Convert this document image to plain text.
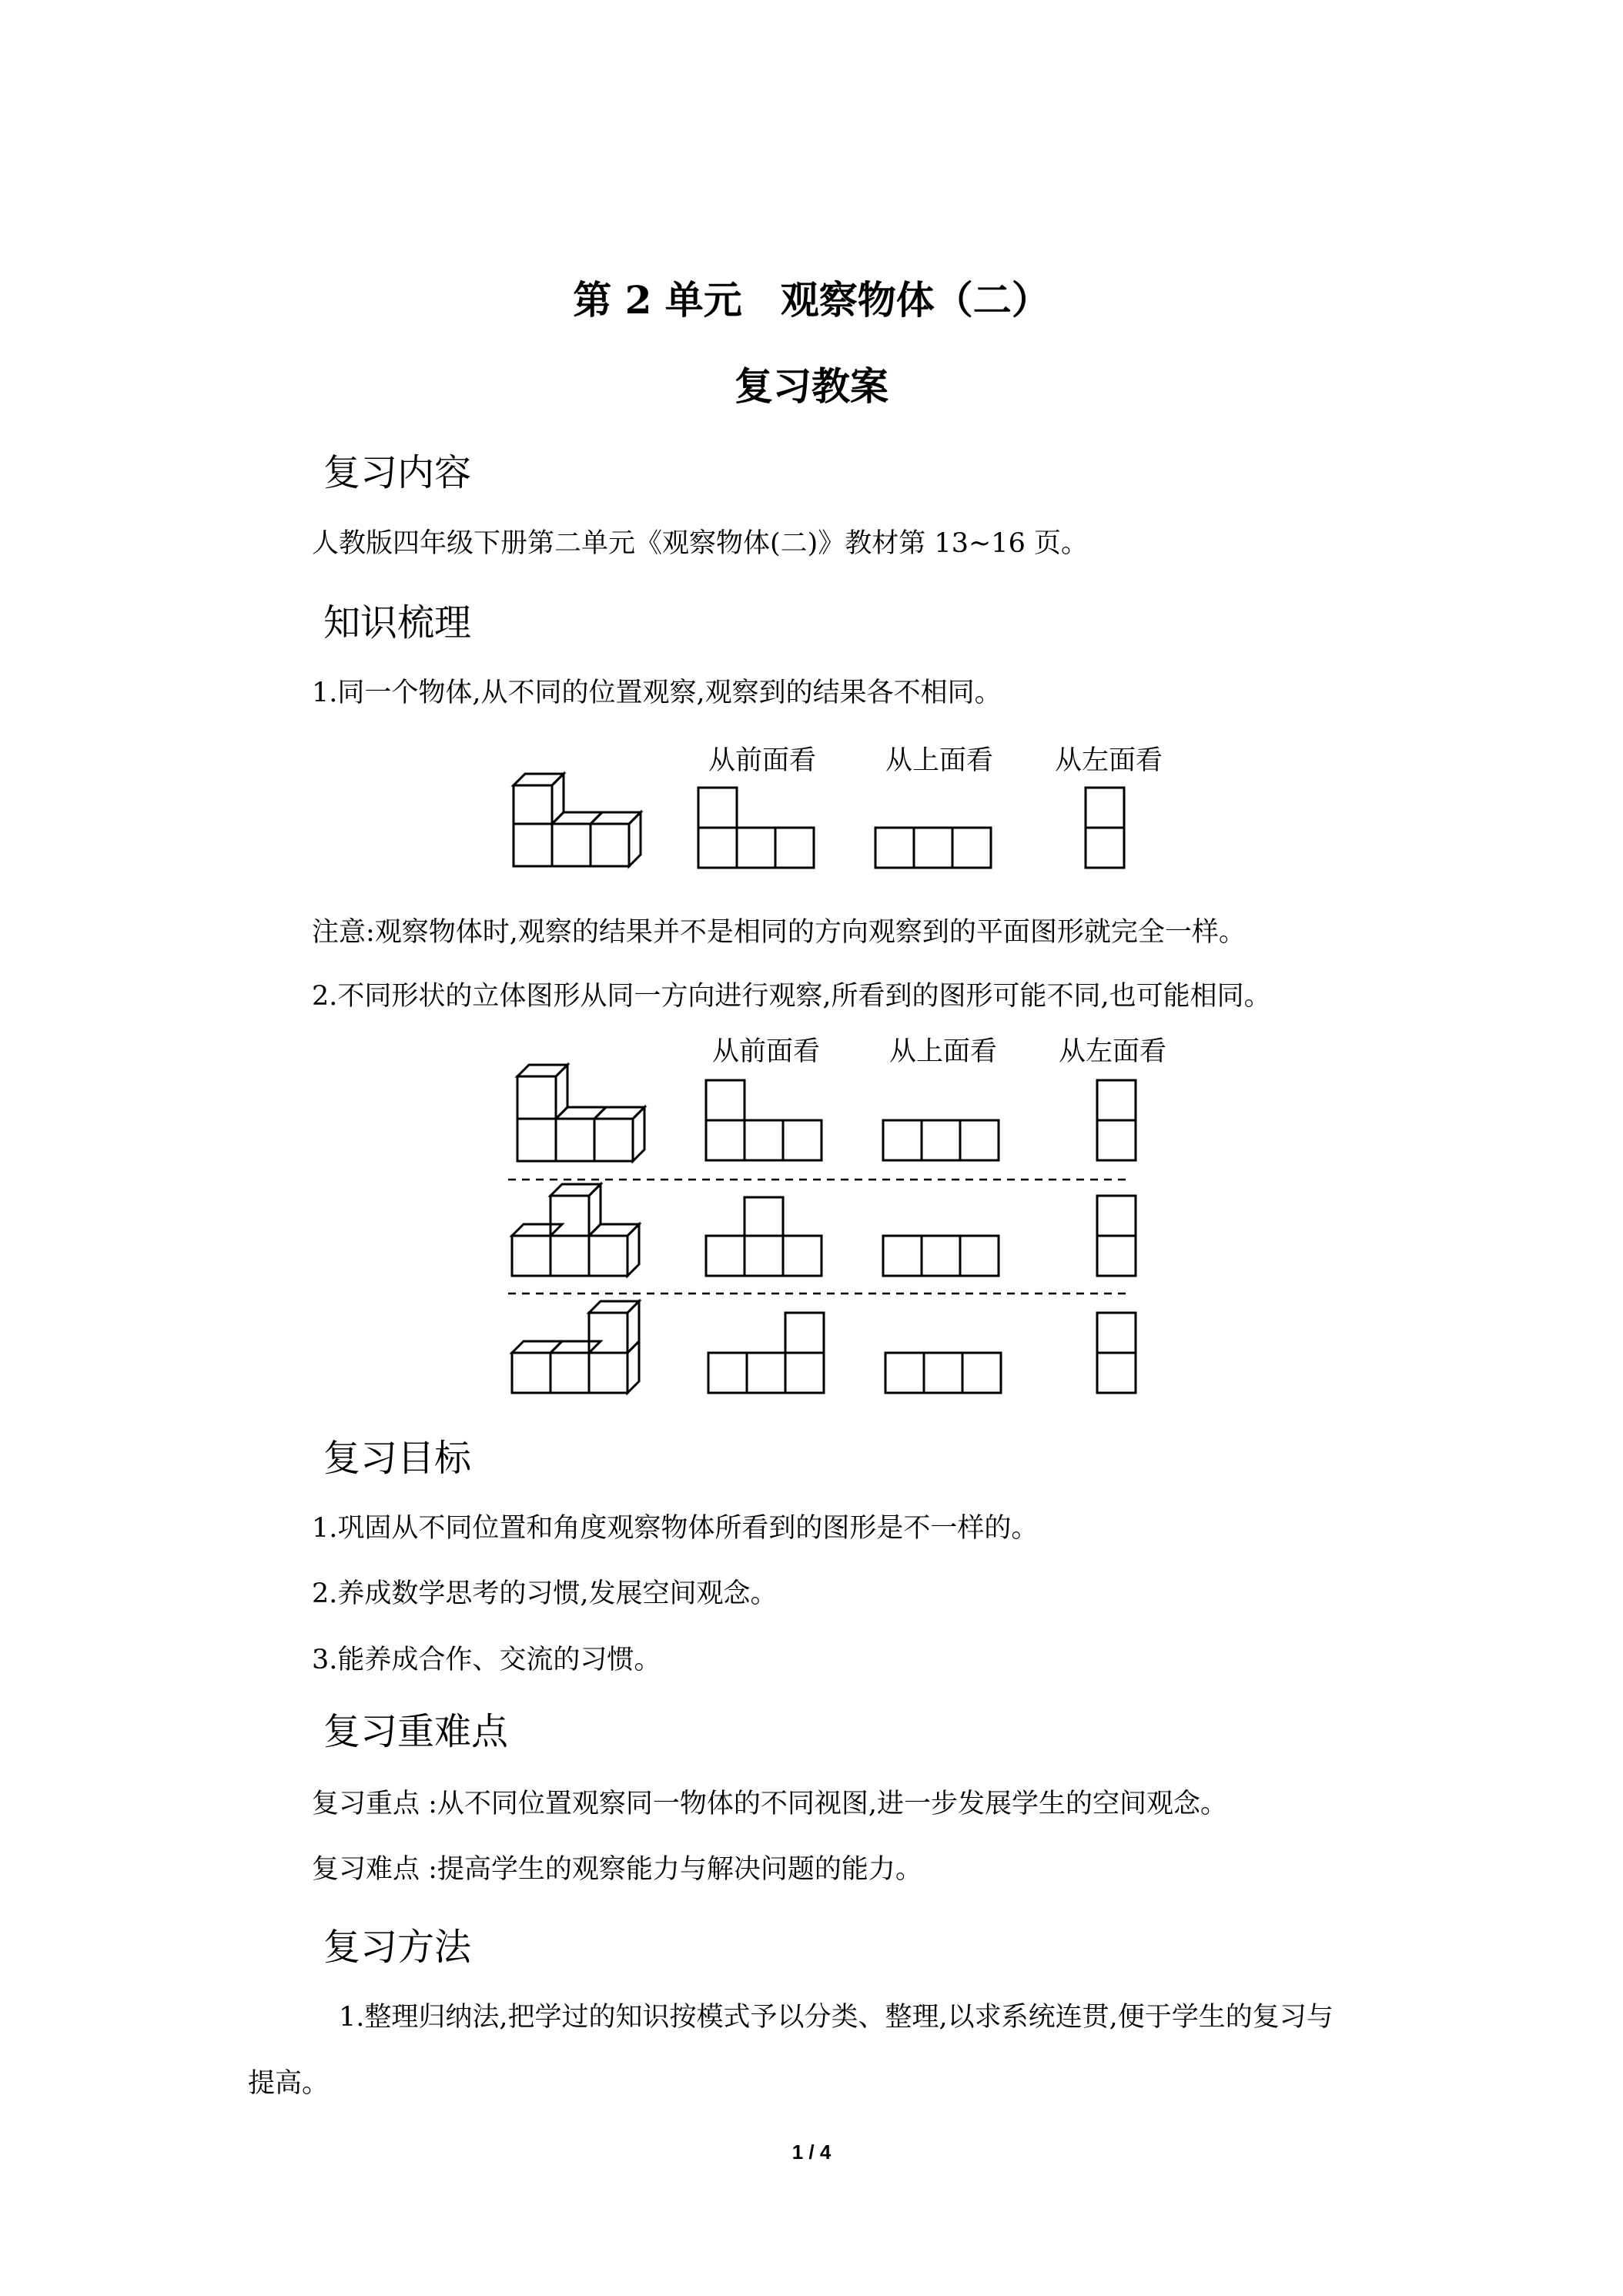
第 2 单元　观察物体（二）
复习教案
复习内容
人教版四年级下册第二单元《观察物体(二)》教材第 13~16 页。
知识梳理
1.同一个物体,从不同的位置观察,观察到的结果各不相同。
从前面看	从上面看 从左面看
注意:观察物体时,观察的结果并不是相同的方向观察到的平面图形就完全一样。
2.不同形状的立体图形从同一方向进行观察,所看到的图形可能不同,也可能相同。
从前面看	从上面看 从左面看
复习目标
1.巩固从不同位置和角度观察物体所看到的图形是不一样的。
2.养成数学思考的习惯,发展空间观念。
3.能养成合作、交流的习惯。
复习重难点
复习重点 :从不同位置观察同一物体的不同视图,进一步发展学生的空间观念。
复习难点 :提高学生的观察能力与解决问题的能力。
复习方法
1.整理归纳法,把学过的知识按模式予以分类、整理,以求系统连贯,便于学生的复习与
提高。
1 / 4
